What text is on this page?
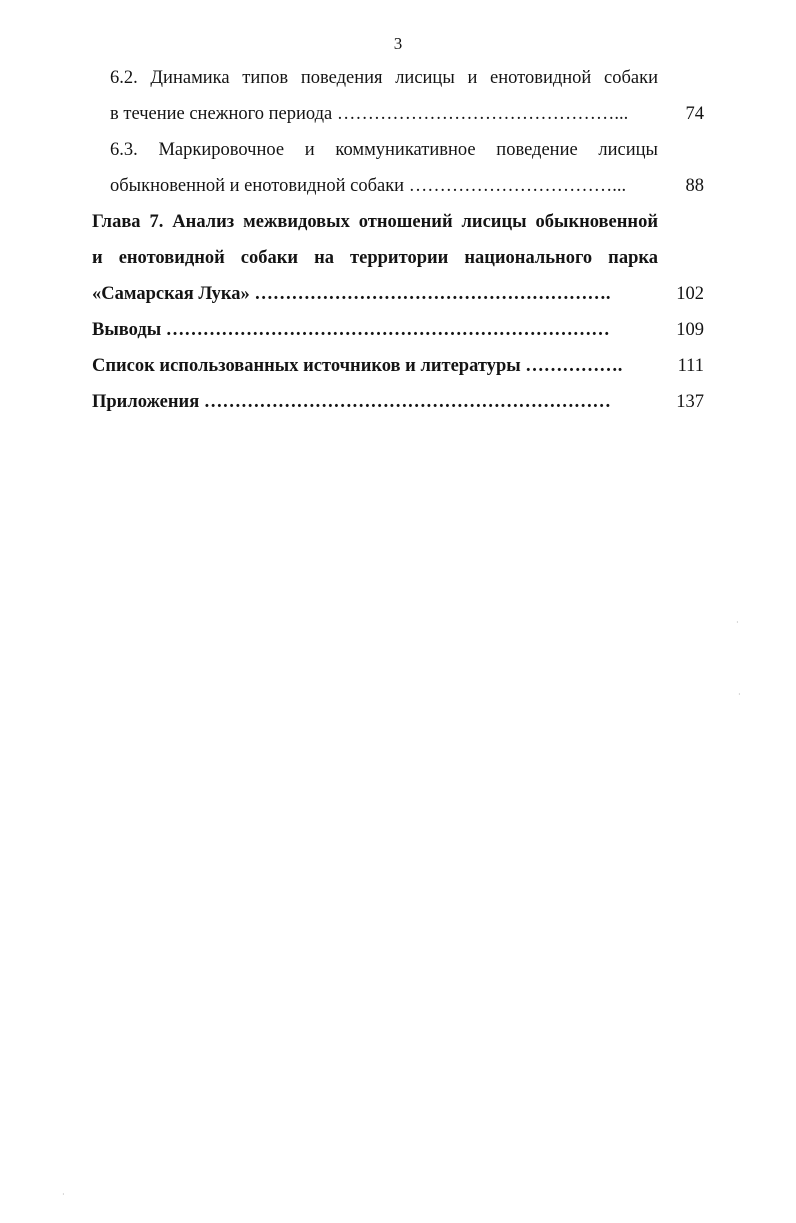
3
6.2. Динамика типов поведения лисицы и енотовидной собаки
в течение снежного периода ………………………………………...	74
6.3. Маркировочное и коммуникативное поведение лисицы
обыкновенной и енотовидной собаки ……………………………...	88
Глава 7. Анализ межвидовых отношений лисицы обыкновенной
и енотовидной собаки на территории национального парка
«Самарская Лука» ………………………………………………….	102
Выводы ………………………………………………………………	109
Список использованных источников и литературы …………….	111
Приложения …………………………………………………………	137
·
·
·
